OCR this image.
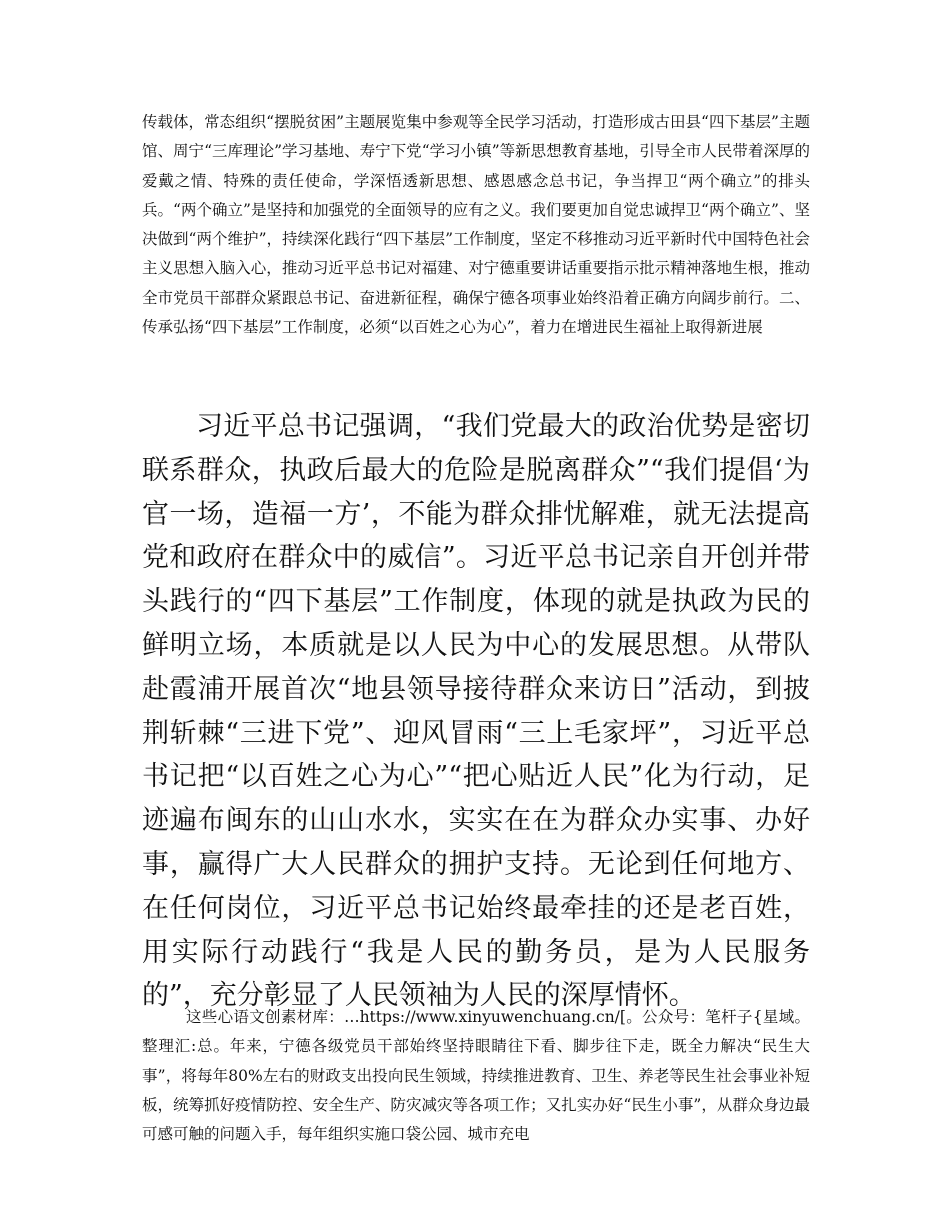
传载体，常态组织“摆脱贫困”主题展览集中参观等全民学习活动，打造形成古田县“四下基层”主题馆、周宁“三库理论”学习基地、寿宁下党“学习小镇”等新思想教育基地，引导全市人民带着深厚的爱戴之情、特殊的责任使命，学深悟透新思想、感恩感念总书记，争当捍卫“两个确立”的排头兵。“两个确立”是坚持和加强党的全面领导的应有之义。我们要更加自觉忠诚捍卫“两个确立”、坚决做到“两个维护”，持续深化践行“四下基层”工作制度，坚定不移推动习近平新时代中国特色社会主义思想入脑入心，推动习近平总书记对福建、对宁德重要讲话重要指示批示精神落地生根，推动全市党员干部群众紧跟总书记、奋进新征程，确保宁德各项事业始终沿着正确方向阔步前行。二、传承弘扬“四下基层”工作制度，必须“以百姓之心为心”，着力在增进民生福祉上取得新进展

习近平总书记强调，“我们党最大的政治优势是密切联系群众，执政后最大的危险是脱离群众”“我们提倡‘为官一场，造福一方’，不能为群众排忧解难，就无法提高党和政府在群众中的威信”。习近平总书记亲自开创并带头践行的“四下基层”工作制度，体现的就是执政为民的鲜明立场，本质就是以人民为中心的发展思想。从带队赴霞浦开展首次“地县领导接待群众来访日”活动，到披荆斩棘“三进下党”、迎风冒雨“三上毛家坪”，习近平总书记把“以百姓之心为心”“把心贴近人民”化为行动，足迹遍布闽东的山山水水，实实在在为群众办实事、办好事，赢得广大人民群众的拥护支持。无论到任何地方、在任何岗位，习近平总书记始终最牵挂的还是老百姓，用实际行动践行“我是人民的勤务员，是为人民服务的”，充分彰显了人民领袖为人民的深厚情怀。

这些心语文创素材库：…https://www.xinyuwenchuang.cn/[。公众号：笔杆子{星域。整理汇:总。年来，宁德各级党员干部始终坚持眼睛往下看、脚步往下走，既全力解决“民生大事”，将每年80%左右的财政支出投向民生领域，持续推进教育、卫生、养老等民生社会事业补短板，统筹抓好疫情防控、安全生产、防灾减灾等各项工作；又扎实办好“民生小事”，从群众身边最可感可触的问题入手，每年组织实施口袋公园、城市充电
